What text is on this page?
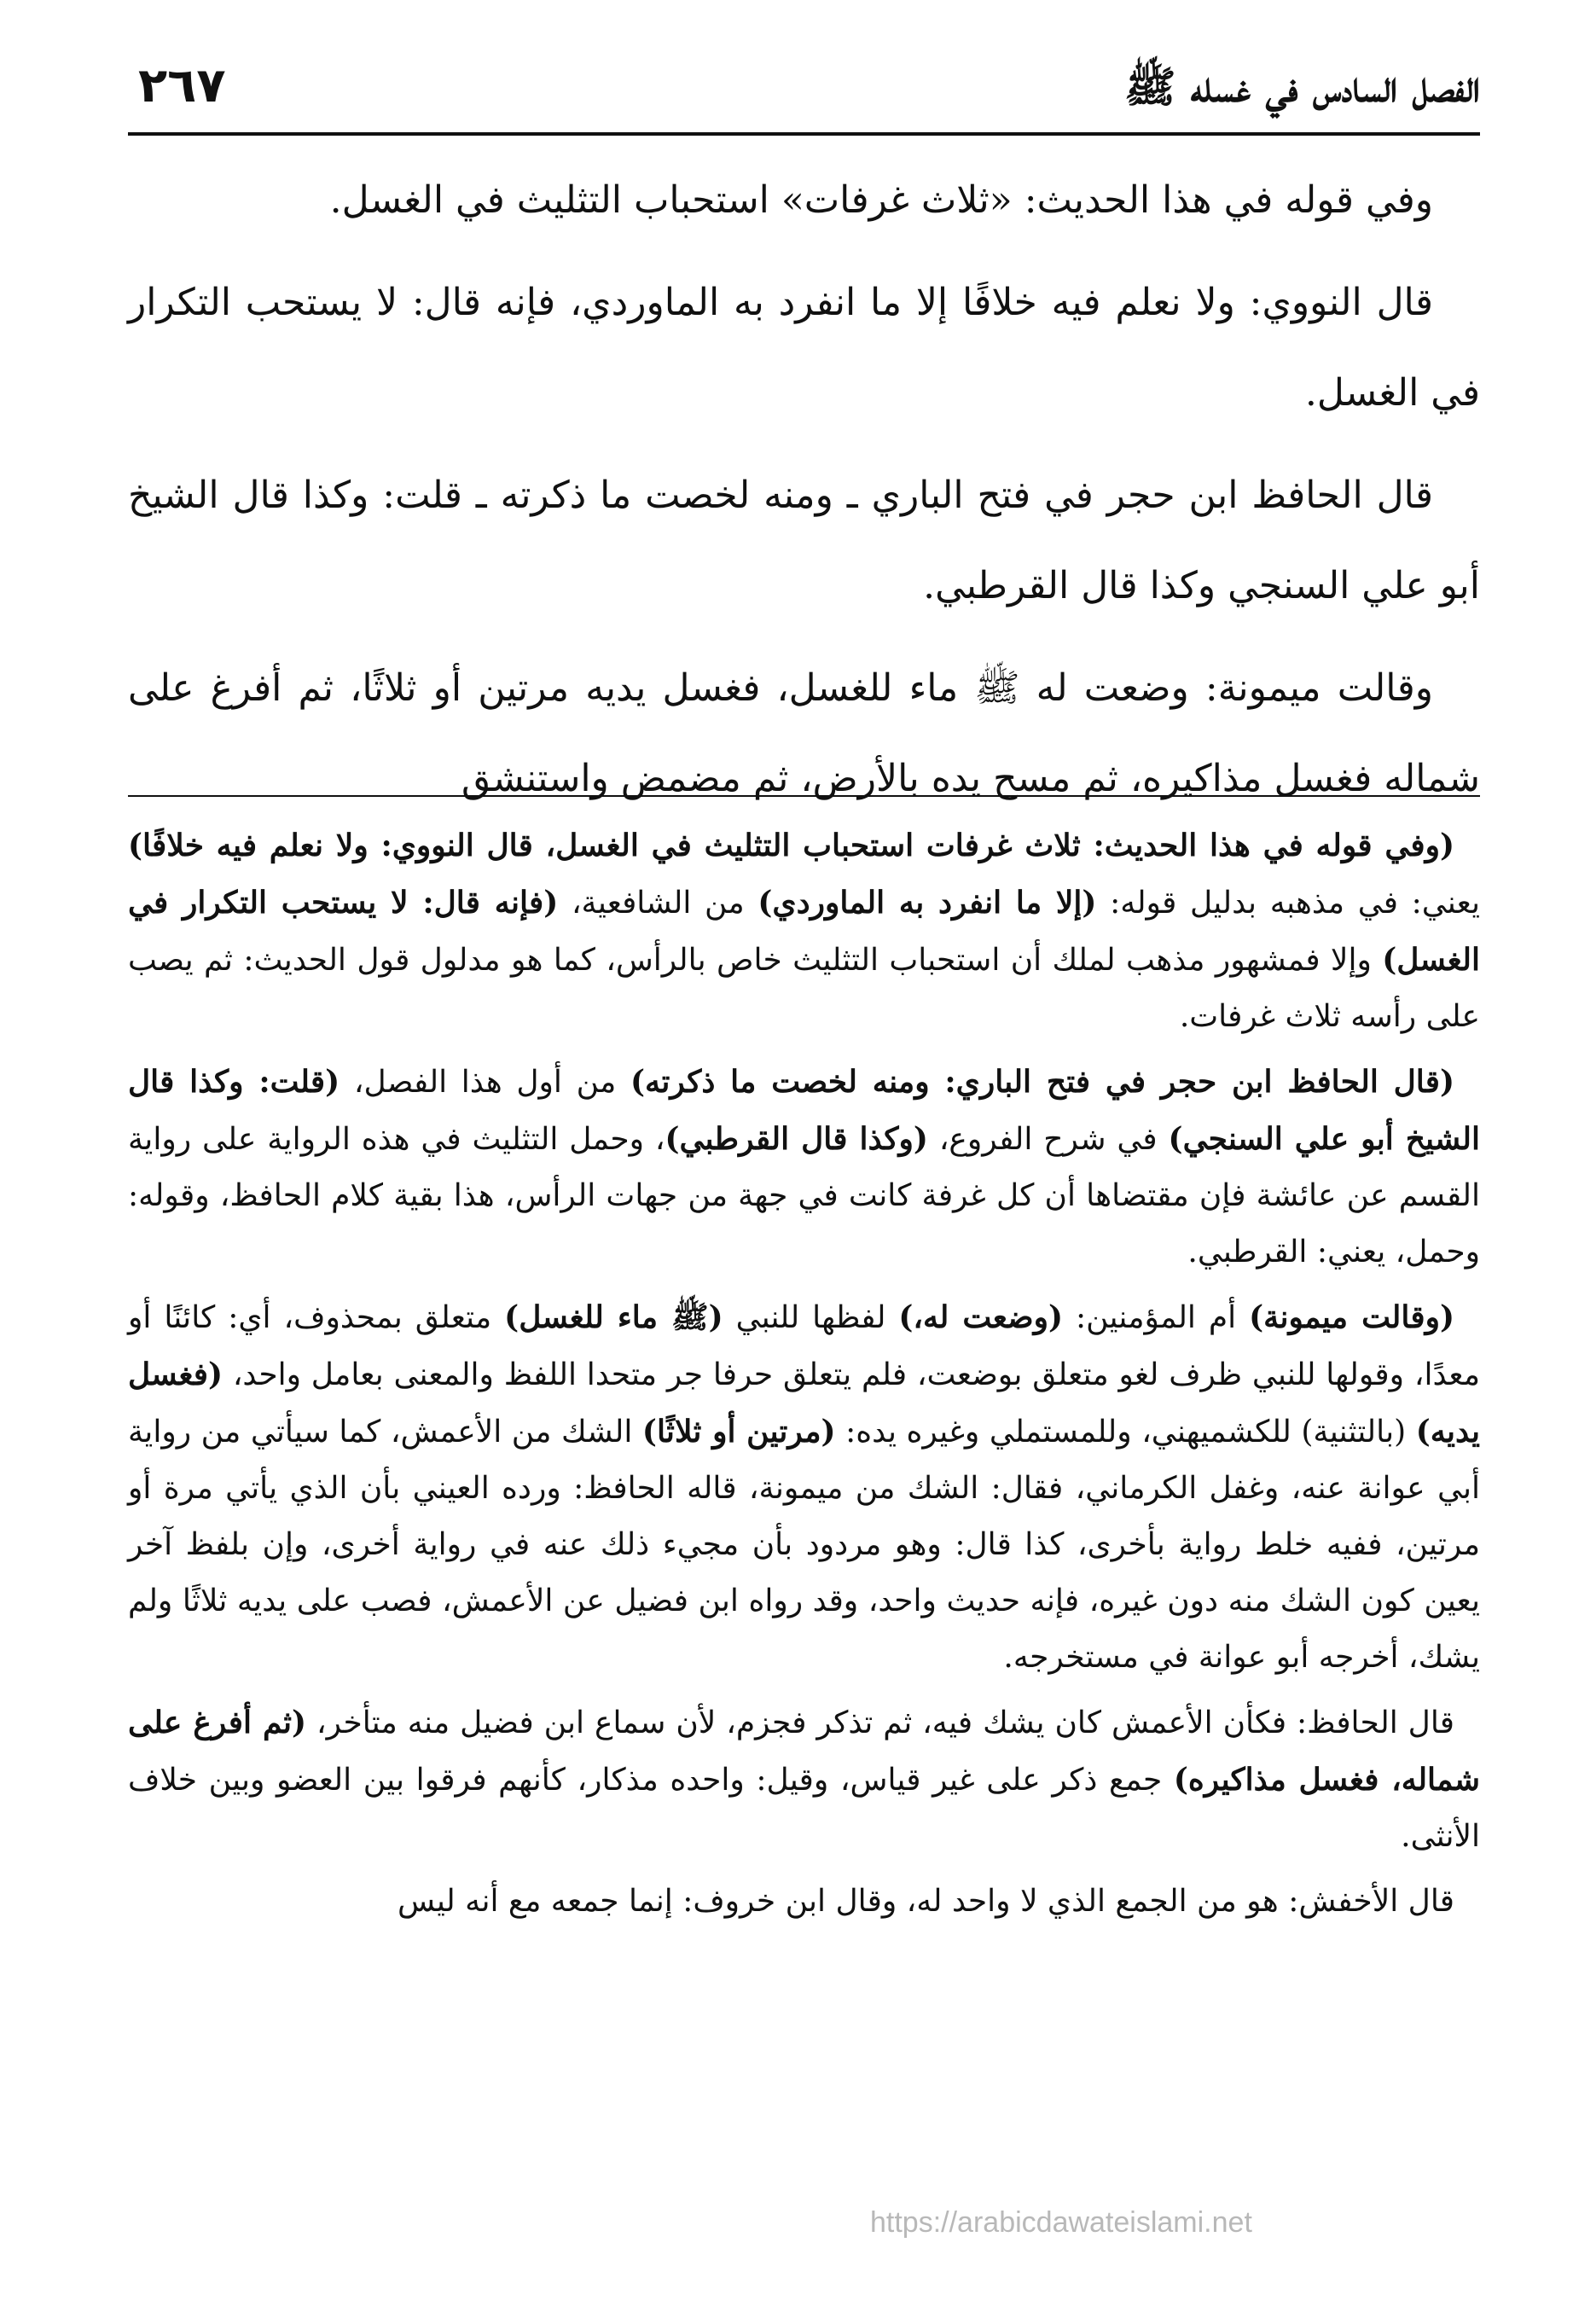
الفصل السادس في غسله ﷺ
٢٦٧

وفي قوله في هذا الحديث: «ثلاث غرفات» استحباب التثليث في الغسل.

قال النووي: ولا نعلم فيه خلافًا إلا ما انفرد به الماوردي، فإنه قال: لا يستحب التكرار في الغسل.

قال الحافظ ابن حجر في فتح الباري ـ ومنه لخصت ما ذكرته ـ قلت: وكذا قال الشيخ أبو علي السنجي وكذا قال القرطبي.

وقالت ميمونة: وضعت له ﷺ ماء للغسل، فغسل يديه مرتين أو ثلاثًا، ثم أفرغ على شماله فغسل مذاكيره، ثم مسح يده بالأرض، ثم مضمض واستنشق

(وفي قوله في هذا الحديث: ثلاث غرفات استحباب التثليث في الغسل، قال النووي: ولا نعلم فيه خلافًا) يعني: في مذهبه بدليل قوله: (إلا ما انفرد به الماوردي) من الشافعية، (فإنه قال: لا يستحب التكرار في الغسل) وإلا فمشهور مذهب لملك أن استحباب التثليث خاص بالرأس، كما هو مدلول قول الحديث: ثم يصب على رأسه ثلاث غرفات.

(قال الحافظ ابن حجر في فتح الباري: ومنه لخصت ما ذكرته) من أول هذا الفصل، (قلت: وكذا قال الشيخ أبو علي السنجي) في شرح الفروع، (وكذا قال القرطبي)، وحمل التثليث في هذه الرواية على رواية القسم عن عائشة فإن مقتضاها أن كل غرفة كانت في جهة من جهات الرأس، هذا بقية كلام الحافظ، وقوله: وحمل، يعني: القرطبي.

(وقالت ميمونة) أم المؤمنين: (وضعت له،) لفظها للنبي (ﷺ ماء للغسل) متعلق بمحذوف، أي: كائنًا أو معدًا، وقولها للنبي ظرف لغو متعلق بوضعت، فلم يتعلق حرفا جر متحدا اللفظ والمعنى بعامل واحد، (فغسل يديه) (بالتثنية) للكشميهني، وللمستملي وغيره يده: (مرتين أو ثلاثًا) الشك من الأعمش، كما سيأتي من رواية أبي عوانة عنه، وغفل الكرماني، فقال: الشك من ميمونة، قاله الحافظ: ورده العيني بأن الذي يأتي مرة أو مرتين، ففيه خلط رواية بأخرى، كذا قال: وهو مردود بأن مجيء ذلك عنه في رواية أخرى، وإن بلفظ آخر يعين كون الشك منه دون غيره، فإنه حديث واحد، وقد رواه ابن فضيل عن الأعمش، فصب على يديه ثلاثًا ولم يشك، أخرجه أبو عوانة في مستخرجه.

قال الحافظ: فكأن الأعمش كان يشك فيه، ثم تذكر فجزم، لأن سماع ابن فضيل منه متأخر، (ثم أفرغ على شماله، فغسل مذاكيره) جمع ذكر على غير قياس، وقيل: واحده مذكار، كأنهم فرقوا بين العضو وبين خلاف الأنثى.

قال الأخفش: هو من الجمع الذي لا واحد له، وقال ابن خروف: إنما جمعه مع أنه ليس

https://arabicdawateislami.net
